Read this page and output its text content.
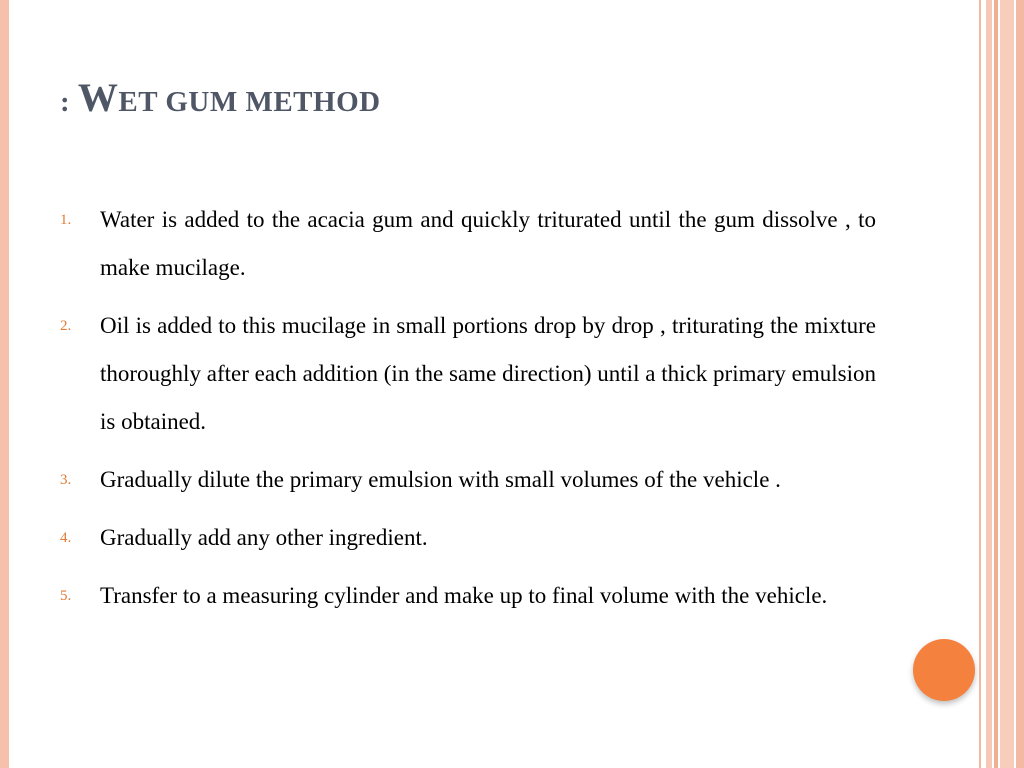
: WET GUM METHOD
1.	Water is added to the acacia gum and quickly triturated until the gum dissolve , to make mucilage.
2.	Oil is added to this mucilage in small portions drop by drop , triturating the mixture thoroughly after each addition (in the same direction) until a thick primary emulsion is obtained.
3.	Gradually dilute the primary emulsion with small volumes of the vehicle .
4.	Gradually add any other ingredient.
5.	Transfer to a measuring cylinder and make up to final volume with the vehicle.
